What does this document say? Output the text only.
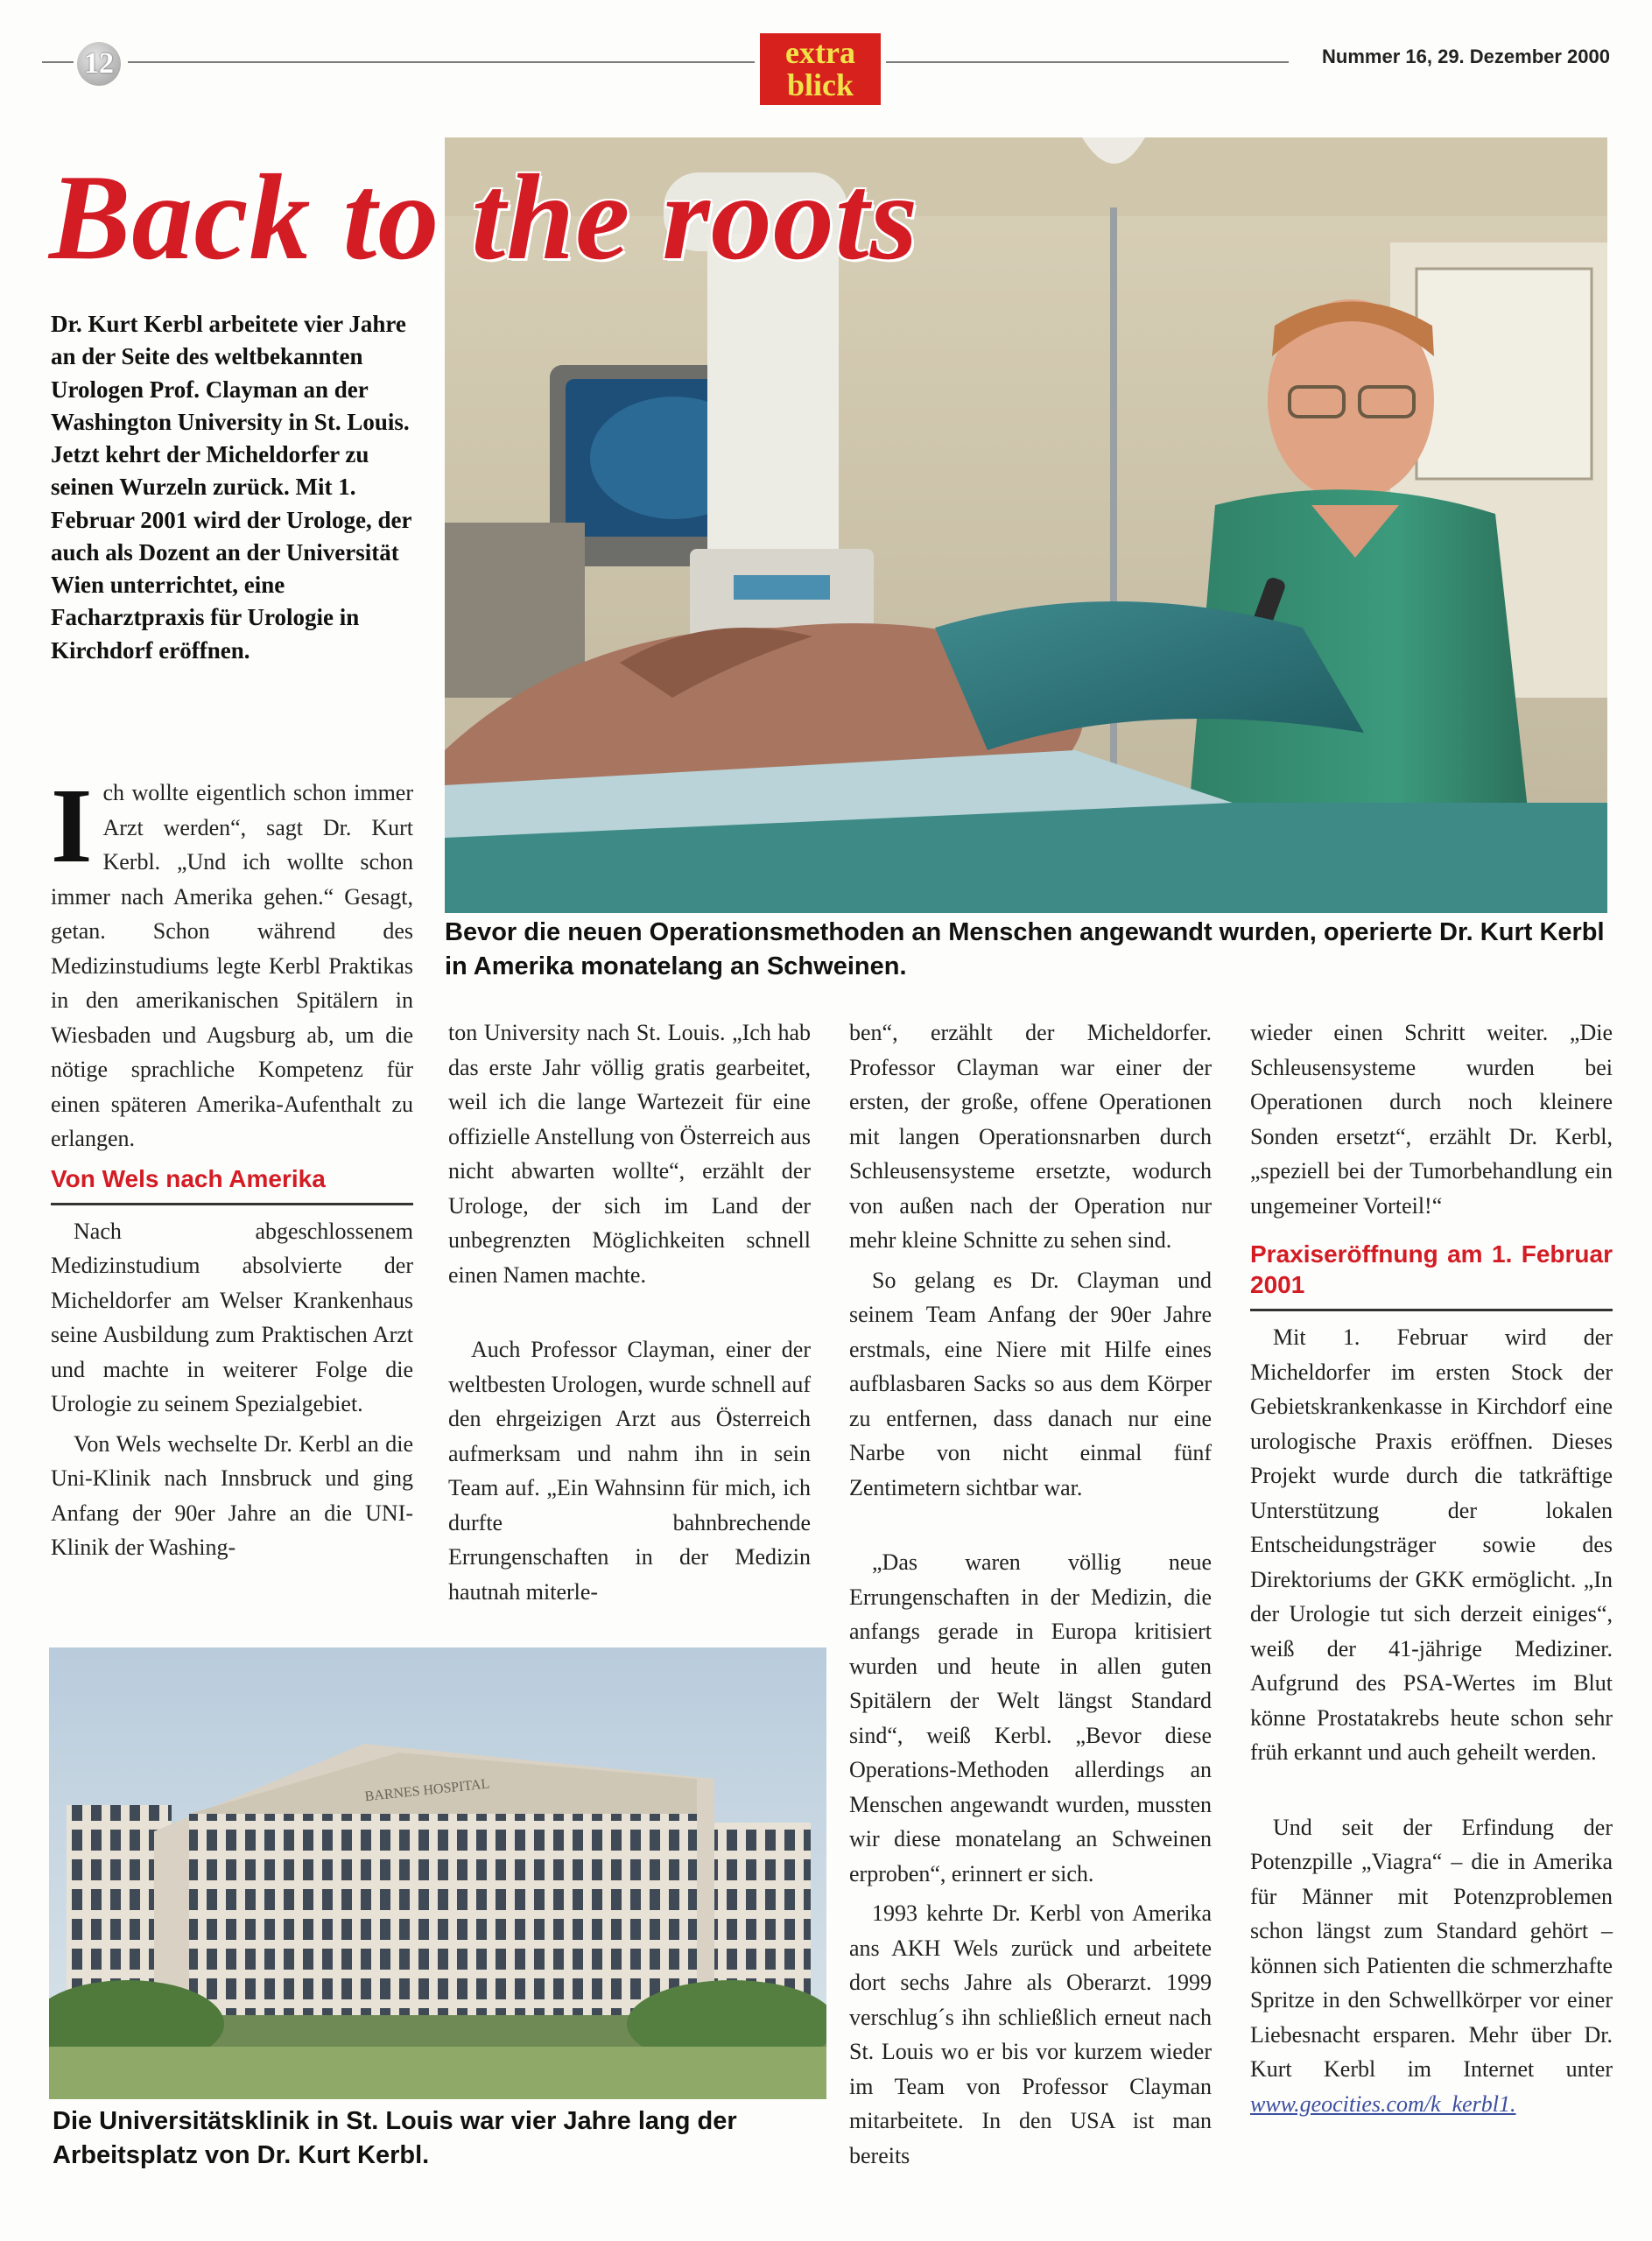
12	extra
blick
Nummer 16, 29. Dezember 2000
Back to the roots
Dr. Kurt Kerbl arbeitete vier Jahre an der Seite des weltbekannten Urologen Prof. Clayman an der Washington University in St. Louis. Jetzt kehrt der Micheldorfer zu seinen Wurzeln zurück. Mit 1. Februar 2001 wird der Urologe, der auch als Dozent an der Universität Wien unterrichtet, eine Facharztpraxis für Urologie in Kirchdorf eröffnen.
Bevor die neuen Operationsmethoden an Menschen angewandt wurden, operierte Dr. Kurt Kerbl in Amerika monatelang an Schweinen.
I ch wollte eigentlich schon immer Arzt werden“, sagt Dr. Kurt Kerbl. „Und ich wollte schon immer nach Amerika gehen.“ Gesagt, getan. Schon während des Medizinstudiums legte Kerbl Praktikas in den amerikanischen Spitälern in Wiesbaden und Augsburg ab, um die nötige sprachliche Kompetenz für einen späteren Amerika-Aufenthalt zu erlangen.

Von Wels nach Amerika

Nach abgeschlossenem Medizinstudium absolvierte der Micheldorfer am Welser Krankenhaus seine Ausbildung zum Praktischen Arzt und machte in weiterer Folge die Urologie zu seinem Spezialgebiet.

Von Wels wechselte Dr. Kerbl an die Uni-Klinik nach Innsbruck und ging Anfang der 90er Jahre an die UNI-Klinik der Washing-

ton University nach St. Louis. „Ich hab das erste Jahr völlig gratis gearbeitet, weil ich die lange Wartezeit für eine offizielle Anstellung von Österreich aus nicht abwarten wollte“, erzählt der Urologe, der sich im Land der unbegrenzten Möglichkeiten schnell einen Namen machte.

Auch Professor Clayman, einer der weltbesten Urologen, wurde schnell auf den ehrgeizigen Arzt aus Österreich aufmerksam und nahm ihn in sein Team auf. „Ein Wahnsinn für mich, ich durfte bahnbrechende Errungenschaften in der Medizin hautnah miterle-

ben“, erzählt der Micheldorfer. Professor Clayman war einer der ersten, der große, offene Operationen mit langen Operationsnarben durch Schleusensysteme ersetzte, wodurch von außen nach der Operation nur mehr kleine Schnitte zu sehen sind.

So gelang es Dr. Clayman und seinem Team Anfang der 90er Jahre erstmals, eine Niere mit Hilfe eines aufblasbaren Sacks so aus dem Körper zu entfernen, dass danach nur eine Narbe von nicht einmal fünf Zentimetern sichtbar war.

„Das waren völlig neue Errungenschaften in der Medizin, die anfangs gerade in Europa kritisiert wurden und heute in allen guten Spitälern der Welt längst Standard sind“, weiß Kerbl. „Bevor diese Operations-Methoden allerdings an Menschen angewandt wurden, mussten wir diese monatelang an Schweinen erproben“, erinnert er sich.

1993 kehrte Dr. Kerbl von Amerika ans AKH Wels zurück und arbeitete dort sechs Jahre als Oberarzt. 1999 verschlug´s ihn schließlich erneut nach St. Louis wo er bis vor kurzem wieder im Team von Professor Clayman mitarbeitete. In den USA ist man bereits

wieder einen Schritt weiter. „Die Schleusensysteme wurden bei Operationen durch noch kleinere Sonden ersetzt“, erzählt Dr. Kerbl, „speziell bei der Tumorbehandlung ein ungemeiner Vorteil!“

Praxiseröffnung am 1. Februar 2001

Mit 1. Februar wird der Micheldorfer im ersten Stock der Gebietskrankenkasse in Kirchdorf eine urologische Praxis eröffnen. Dieses Projekt wurde durch die tatkräftige Unterstützung der lokalen Entscheidungsträger sowie des Direktoriums der GKK ermöglicht. „In der Urologie tut sich derzeit einiges“, weiß der 41-jährige Mediziner. Aufgrund des PSA-Wertes im Blut könne Prostatakrebs heute schon sehr früh erkannt und auch geheilt werden.

Und seit der Erfindung der Potenzpille „Viagra“ – die in Amerika für Männer mit Potenzproblemen schon längst zum Standard gehört – können sich Patienten die schmerzhafte Spritze in den Schwellkörper vor einer Liebesnacht ersparen. Mehr über Dr. Kurt Kerbl im Internet unter www.geocities.com/k_kerbl1.

BARNES HOSPITAL
Die Universitätsklinik in St. Louis war vier Jahre lang der Arbeitsplatz von Dr. Kurt Kerbl.
